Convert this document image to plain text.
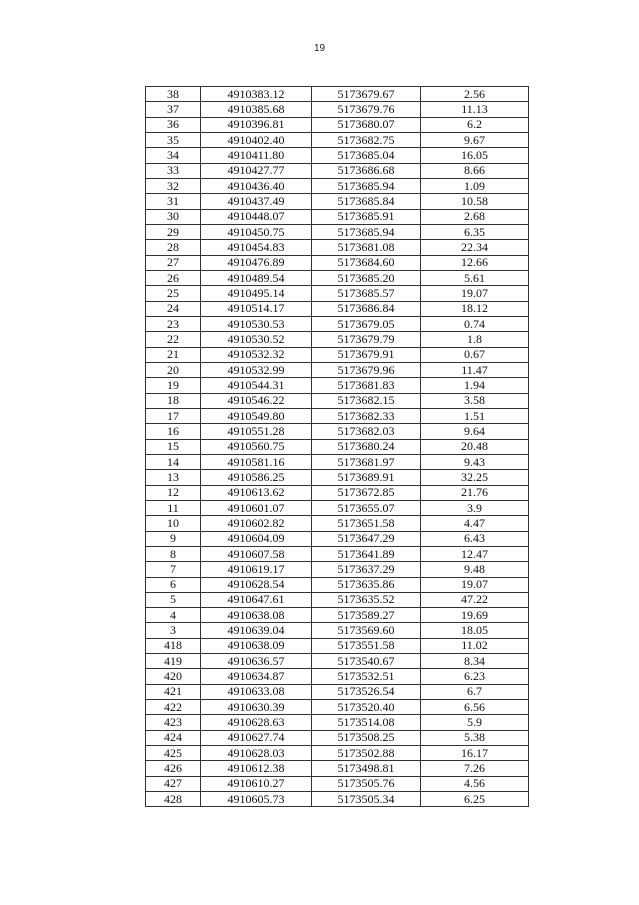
19
38	4910383.12	5173679.67	2.56
37	4910385.68	5173679.76	11.13
36	4910396.81	5173680.07	6.2
35	4910402.40	5173682.75	9.67
34	4910411.80	5173685.04	16.05
33	4910427.77	5173686.68	8.66
32	4910436.40	5173685.94	1.09
31	4910437.49	5173685.84	10.58
30	4910448.07	5173685.91	2.68
29	4910450.75	5173685.94	6.35
28	4910454.83	5173681.08	22.34
27	4910476.89	5173684.60	12.66
26	4910489.54	5173685.20	5.61
25	4910495.14	5173685.57	19.07
24	4910514.17	5173686.84	18.12
23	4910530.53	5173679.05	0.74
22	4910530.52	5173679.79	1.8
21	4910532.32	5173679.91	0.67
20	4910532.99	5173679.96	11.47
19	4910544.31	5173681.83	1.94
18	4910546.22	5173682.15	3.58
17	4910549.80	5173682.33	1.51
16	4910551.28	5173682.03	9.64
15	4910560.75	5173680.24	20.48
14	4910581.16	5173681.97	9.43
13	4910586.25	5173689.91	32.25
12	4910613.62	5173672.85	21.76
11	4910601.07	5173655.07	3.9
10	4910602.82	5173651.58	4.47
9	4910604.09	5173647.29	6.43
8	4910607.58	5173641.89	12.47
7	4910619.17	5173637.29	9.48
6	4910628.54	5173635.86	19.07
5	4910647.61	5173635.52	47.22
4	4910638.08	5173589.27	19.69
3	4910639.04	5173569.60	18.05
418	4910638.09	5173551.58	11.02
419	4910636.57	5173540.67	8.34
420	4910634.87	5173532.51	6.23
421	4910633.08	5173526.54	6.7
422	4910630.39	5173520.40	6.56
423	4910628.63	5173514.08	5.9
424	4910627.74	5173508.25	5.38
425	4910628.03	5173502.88	16.17
426	4910612.38	5173498.81	7.26
427	4910610.27	5173505.76	4.56
428	4910605.73	5173505.34	6.25
